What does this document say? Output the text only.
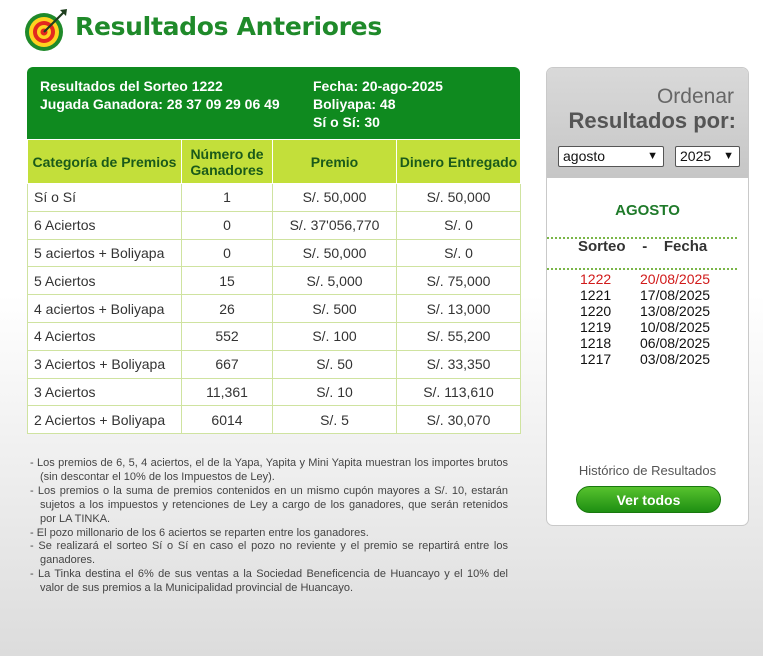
Resultados Anteriores
Resultados del Sorteo 1222
Jugada Ganadora: 28 37 09 29 06 49
Fecha: 20-ago-2025
Boliyapa: 48
Sí o Sí: 30
Categoría de Premios	Número de Ganadores	Premio	Dinero Entregado
Sí o Sí	1	S/. 50,000	S/. 50,000
6 Aciertos	0	S/. 37'056,770	S/. 0
5 aciertos + Boliyapa	0	S/. 50,000	S/. 0
5 Aciertos	15	S/. 5,000	S/. 75,000
4 aciertos + Boliyapa	26	S/. 500	S/. 13,000
4 Aciertos	552	S/. 100	S/. 55,200
3 Aciertos + Boliyapa	667	S/. 50	S/. 33,350
3 Aciertos	11,361	S/. 10	S/. 113,610
2 Aciertos + Boliyapa	6014	S/. 5	S/. 30,070
- Los premios de 6, 5, 4 aciertos, el de la Yapa, Yapita y Mini Yapita muestran los importes brutos (sin descontar el 10% de los Impuestos de Ley).
- Los premios o la suma de premios contenidos en un mismo cupón mayores a S/. 10, estarán sujetos a los impuestos y retenciones de Ley a cargo de los ganadores, que serán retenidos por LA TINKA.
- El pozo millonario de los 6 aciertos se reparten entre los ganadores.
- Se realizará el sorteo Sí o Sí en caso el pozo no reviente y el premio se repartirá entre los ganadores.
- La Tinka destina el 6% de sus ventas a la Sociedad Beneficencia de Huancayo y el 10% del valor de sus premios a la Municipalidad provincial de Huancayo.
Ordenar
Resultados por:
agosto	▼	2025 ▼
AGOSTO
Sorteo - Fecha
1222 20/08/2025
1221 17/08/2025
1220 13/08/2025
1219 10/08/2025
1218 06/08/2025
1217 03/08/2025
Histórico de Resultados
Ver todos
